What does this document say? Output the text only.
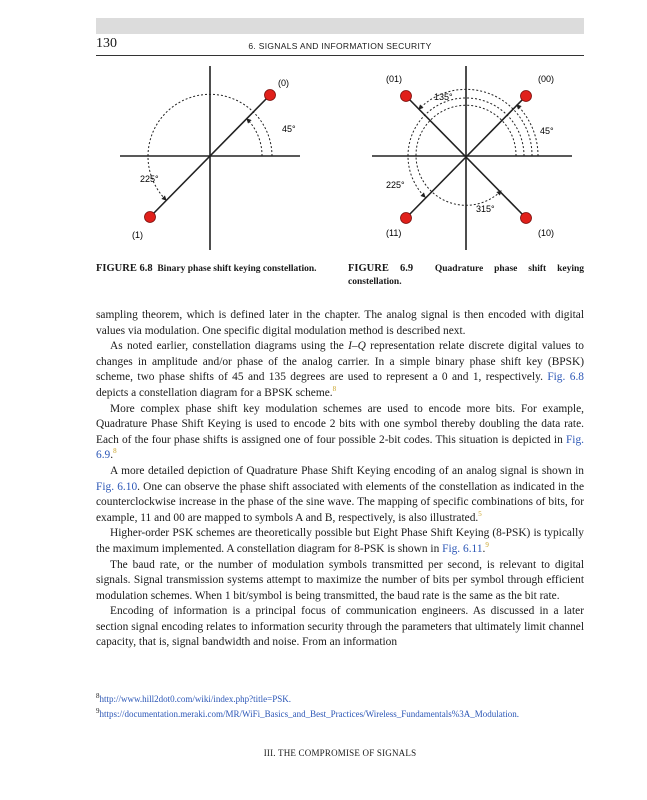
130	6. SIGNALS AND INFORMATION SECURITY
(0)
(1)
45°
225°
(01)	(00)
(11)	(10)
135°
45°
225°
315°
FIGURE 6.8 Binary phase shift keying constellation.	FIGURE 6.9 Quadrature phase shift keying constellation.

sampling theorem, which is defined later in the chapter. The analog signal is then encoded with digital values via modulation. One specific digital modulation method is described next.

As noted earlier, constellation diagrams using the I–Q representation relate discrete digital values to changes in amplitude and/or phase of the analog carrier. In a simple binary phase shift key (BPSK) scheme, two phase shifts of 45 and 135 degrees are used to represent a 0 and 1, respectively. Fig. 6.8 depicts a constellation diagram for a BPSK scheme.$^8$

More complex phase shift key modulation schemes are used to encode more bits. For example, Quadrature Phase Shift Keying is used to encode 2 bits with one symbol thereby doubling the data rate. Each of the four phase shifts is assigned one of four possible 2-bit codes. This situation is depicted in Fig. 6.9.$^8$

A more detailed depiction of Quadrature Phase Shift Keying encoding of an analog signal is shown in Fig. 6.10. One can observe the phase shift associated with elements of the constellation as indicated in the counterclockwise increase in the phase of the sine wave. The mapping of specific combinations of bits, for example, 11 and 00 are mapped to symbols A and B, respectively, is also illustrated.$^5$

Higher-order PSK schemes are theoretically possible but Eight Phase Shift Keying (8-PSK) is typically the maximum implemented. A constellation diagram for 8-PSK is shown in Fig. 6.11.$^9$

The baud rate, or the number of modulation symbols transmitted per second, is relevant to digital signals. Signal transmission systems attempt to maximize the number of bits per symbol through efficient modulation schemes. When 1 bit/symbol is being transmitted, the baud rate is the same as the bit rate.

Encoding of information is a principal focus of communication engineers. As discussed in a later section signal encoding relates to information security through the parameters that ultimately limit channel capacity, that is, signal bandwidth and noise. From an information

$^8$http://www.hill2dot0.com/wiki/index.php?title=PSK.
$^9$https://documentation.meraki.com/MR/WiFi_Basics_and_Best_Practices/Wireless_Fundamentals%3A_Modulation.
III. THE COMPROMISE OF SIGNALS
